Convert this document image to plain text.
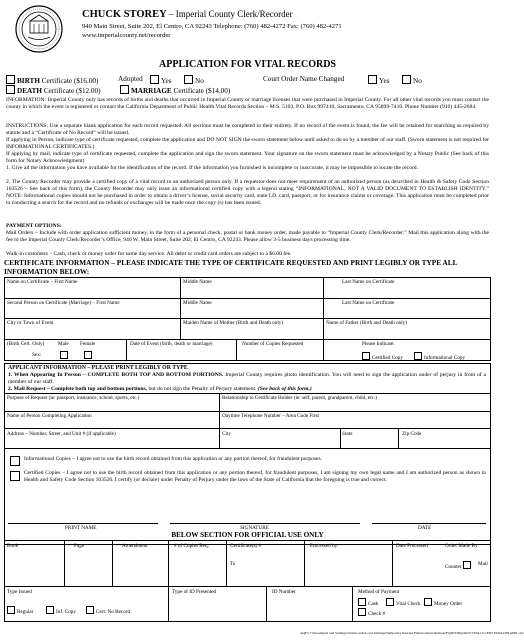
CHUCK STOREY – Imperial County Clerk/Recorder
940 Main Street, Suite 202, El Centro, CA 92243 Telephone: (760) 482-4272 Fax: (760) 482-4271
www.imperialcounty.net/recorder
APPLICATION FOR VITAL RECORDS
BIRTH Certificate ($16.00)	Adopted	Yes	No	Court Order Name Changed	Yes	No
DEATH Certificate ($12.00)	MARRIAGE Certificate ($14.00)
INFORMATION: Imperial County only has records of births and deaths that occurred in Imperial County or marriage licenses that were purchased in Imperial County. For all other vital records you must contact the county in which the event is registered or contact the California Department of Public Health Vital Records Section – M.S. 5103, P.O. Box 997410, Sacramento, CA 95899-7410. Phone Number (916) 445-2684.
INSTRUCTIONS: Use a separate blank application for each record requested. All sections must be completed in their entirety. If no record of the event is found, the fee will be retained for searching as required by statute and a “Certificate of No Record” will be issued.
If applying in Person, indicate type of certificate requested, complete the application and DO NOT SIGN the sworn statement below until asked to do so by a member of our staff. (Sworn statement is not required for INFORMATIONAL CERTIFICATES.)
If applying by mail, indicate type of certificate requested, complete the application and sign the sworn statement. Your signature on the sworn statement must be acknowledged by a Notary Public (See back of this form for Notary Acknowledgment)
1. Give all the information you have available for the identification of the record. If the information you furnished is incomplete or inaccurate, it may be impossible to locate the record.
2. The County Recorder may provide a certified copy of a vital record to an authorized person only. If a requestor does not meet requirement of an authorized person (as described in Health & Safety Code Section 103526 – See back of this form), the County Recorder may only issue an informational certified copy with a legend stating “INFORMATIONAL, NOT A VALID DOCUMENT TO ESTABLISH IDENTITY.” NOTE: Informational copies should not be purchased in order to obtain a driver’s license, social security card, state I.D. card, passport, or for insurance claims or coverage. This application must be completed prior to conducting a search for the record and no refunds or exchanges will be made once the copy (s) has been issued.
PAYMENT OPTIONS:
Mail Orders – Include with order application sufficient money, in the form of a personal check, postal or bank money order, made payable to “Imperial County Clerk/Recorder.” Mail this application along with the fee to the Imperial County Clerk/Recorder’s Office, 940 W. Main Street, Suite 202, El Centro, CA 92243. Please allow 3-5 business days processing time.
Walk-in customers – Cash, check or money order for same day service. All debit or credit card orders are subject to a $6.00 fee.
CERTIFICATE INFORMATION – PLEASE INDICATE THE TYPE OF CERTIFICATE REQUESTED AND PRINT LEGIBLY OR TYPE ALL INFORMATION BELOW:
Name on Certificate – First Name	Middle Name	Last Name on Certificate
Second Person on Certificate (Marriage) – First Name	Middle Name	Last Name on Certificate
City or Town of Event	Maiden Name of Mother (Birth and Death only)	Name of Father (Birth and Death only)
(Birth Cert. Only)	Male Female
Sex:
Date of Event (birth, death or marriage)	Number of Copies Requested	Please Indicate:
Certified Copy	Informational Copy
APPLICANT INFORMATION – PLEASE PRINT LEGIBLY OR TYPE
1. When Appearing In Person – COMPLETE BOTH TOP AND BOTTOM PORTIONS. Imperial County requires photo identification. You will need to sign the application under of perjury in front of a member of our staff.
2. Mail Request – Complete both top and bottom portions, but do not sign the Penalty of Perjury statement. (See back of this form.)
Purpose of Request (ie: passport, insurance, school, sports, etc.)	Relationship to Certificate Holder (ie: self, parent, grandparent, child, etc.)
Name of Person Completing Application	Daytime Telephone Number – Area Code First
Address – Number, Street, and Unit # (if applicable)	City	State	Zip Code
Informational Copies – I agree not to use the birth record obtained from this application or any portion thereof, for fraudulent purposes.
Certified Copies – I agree not to use the birth record obtained from this application or any portion thereof, for fraudulent purposes, I am signing my own legal name and I am authorized person as shown in Health and Safety Code Section 103526. I certify (or declare) under Penalty of Perjury under the laws of the State of California that the foregoing is true and correct.
PRINT NAME	SIGNATURE	DATE
BELOW SECTION FOR OFFICIAL USE ONLY
Book	Page	Amendment	# of Copies Req.	Certificate(s) #
To
Processed by:	Date Processed	Order Made By
Counter	Mail
Type Issued	Type of ID Presented	ID Number	Method of Payment
Regular	Inf. Copy	Cert. No Record
Cash	Vital Check	Money Order
Check #
AQF/17 Documents and Settings\vitalrecords\Local Settings\Temporary Internet Files\Content.Outlook\FQ2ETIRQ\2019 VITALS CERT ENGLISH APPL.doc
